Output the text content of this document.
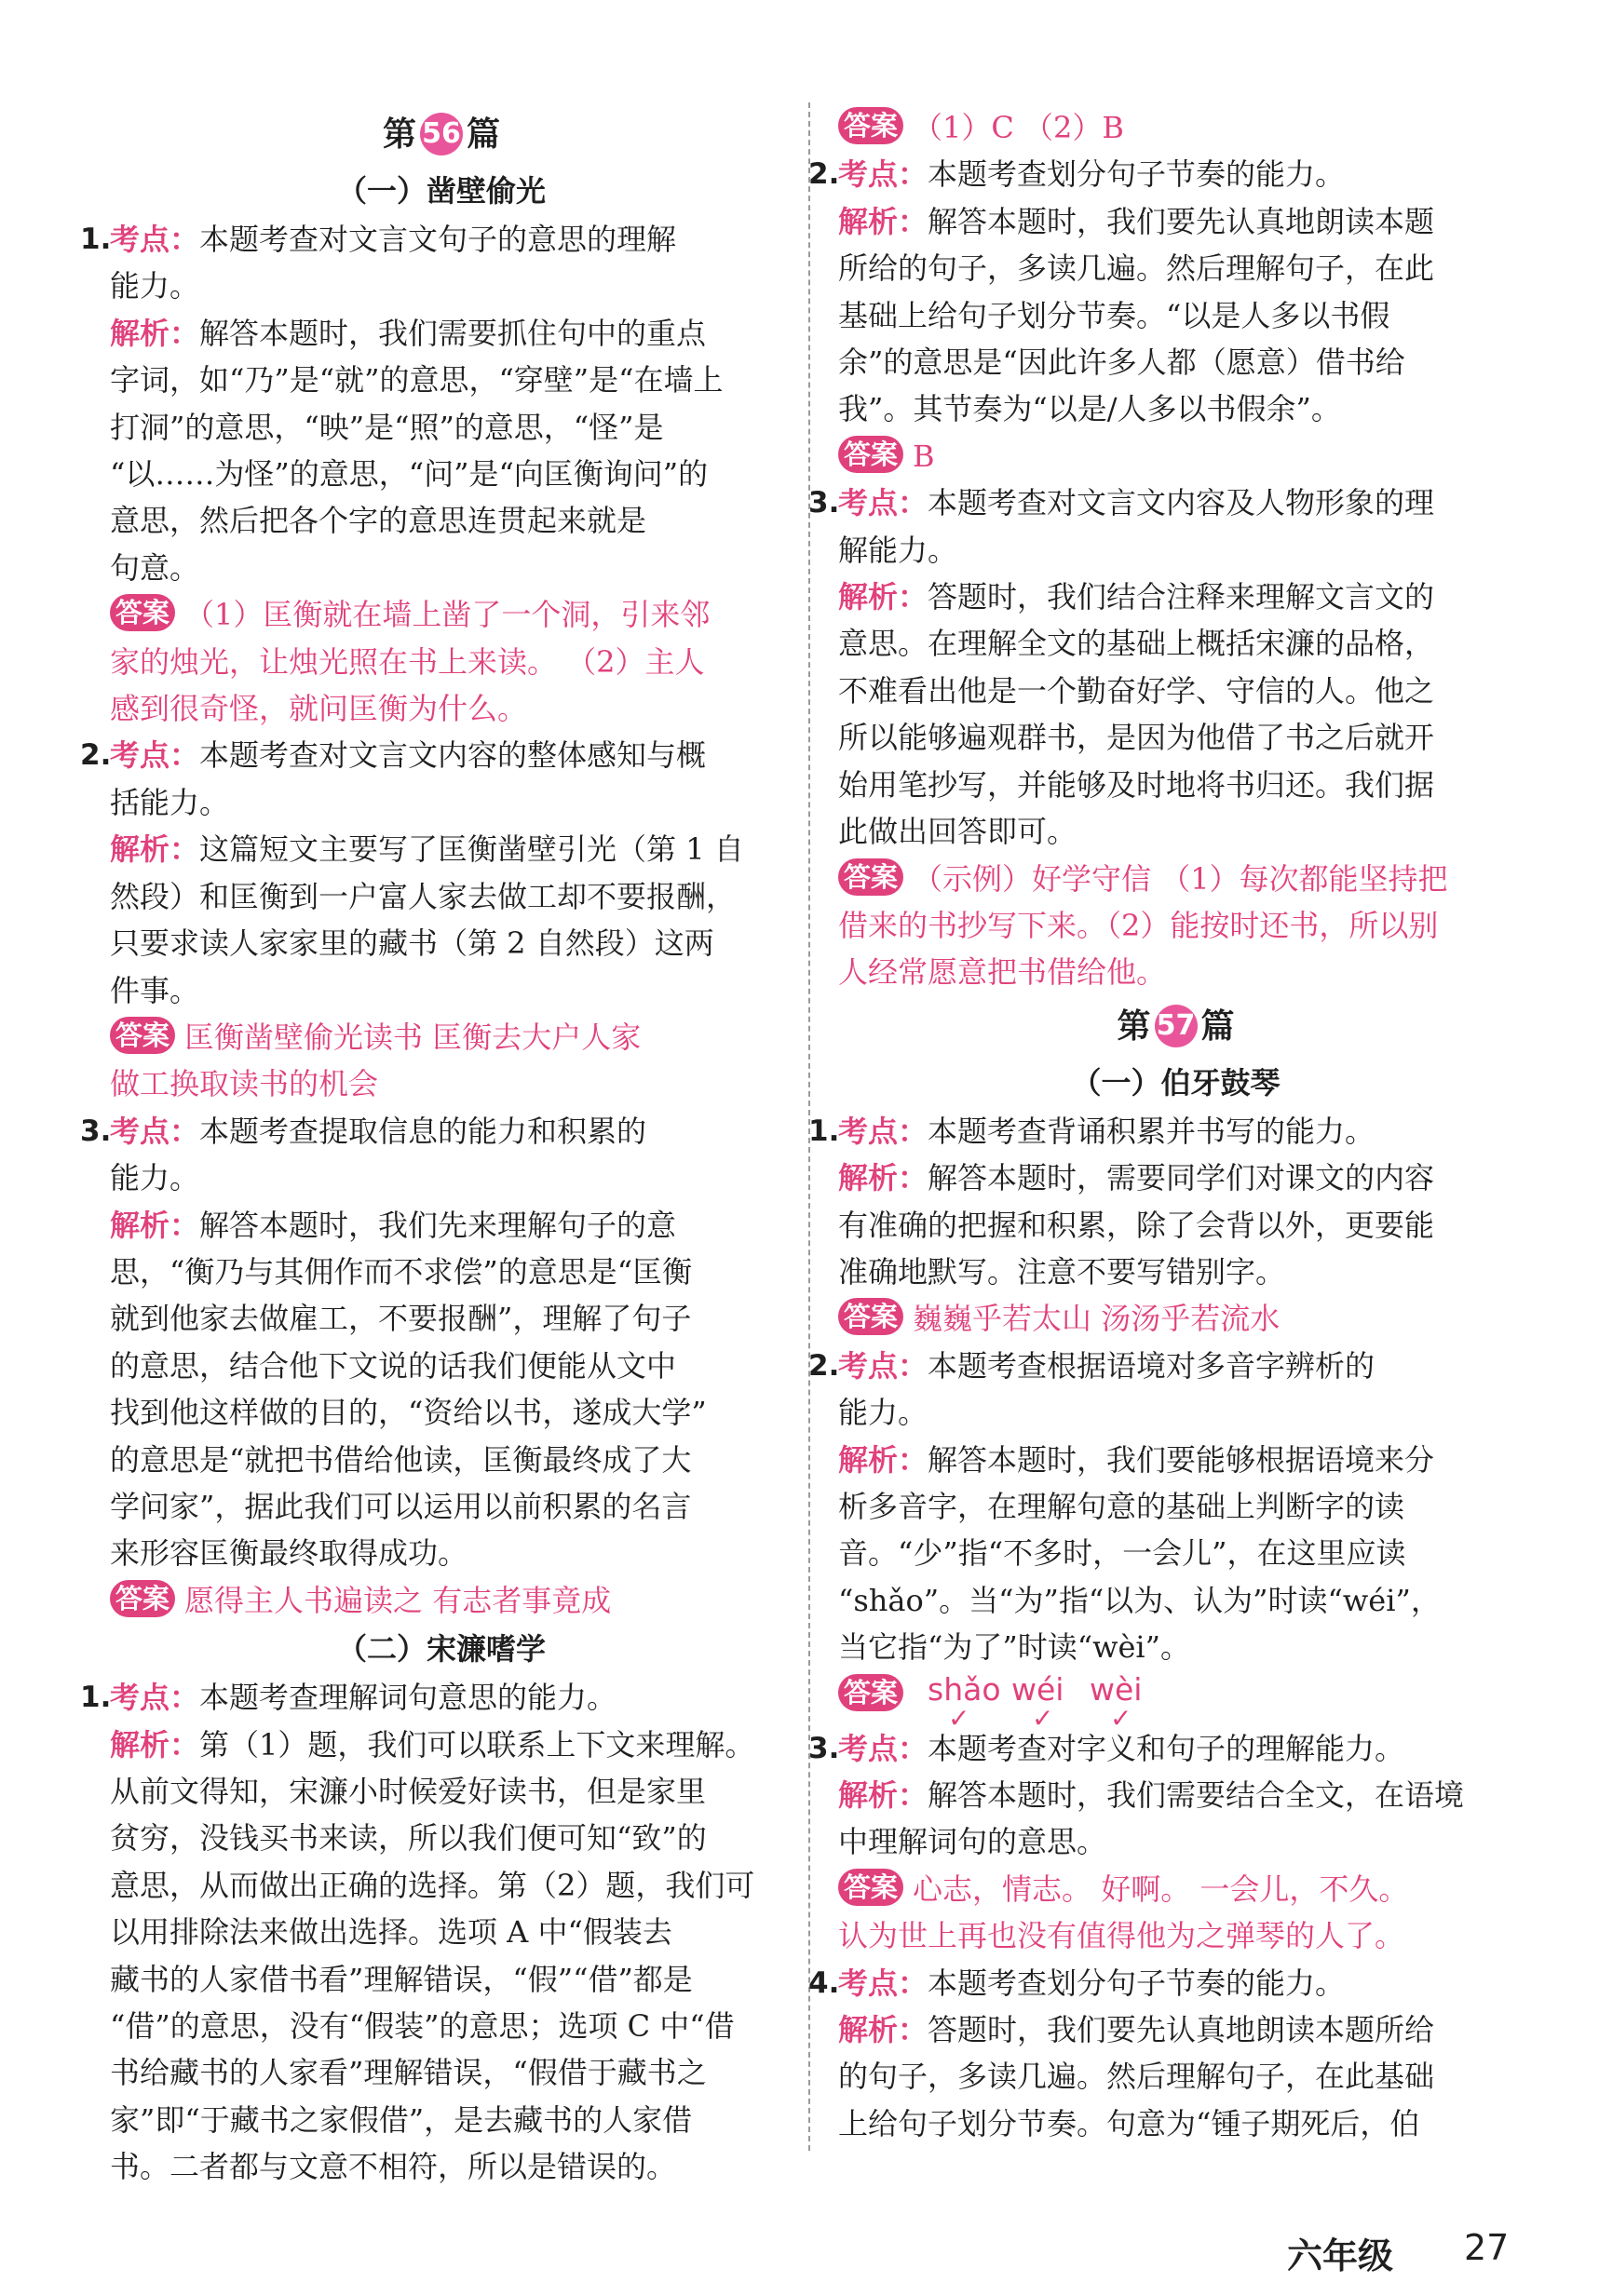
第 56 篇
（一）凿壁偷光
1.
考点：本题考查对文言文句子的意思的理解
能力。
解析：解答本题时，我们需要抓住句中的重点
字词，如“乃”是“就”的意思，“穿壁”是“在墙上
打洞”的意思，“映”是“照”的意思，“怪”是
“以……为怪”的意思，“问”是“向匡衡询问”的
意思，然后把各个字的意思连贯起来就是
句意。
答案 （1）匡衡就在墙上凿了一个洞，引来邻
家的烛光，让烛光照在书上来读。 （2）主人
感到很奇怪，就问匡衡为什么。
2.
考点：本题考查对文言文内容的整体感知与概
括能力。
解析：这篇短文主要写了匡衡凿壁引光（第 1 自
然段）和匡衡到一户富人家去做工却不要报酬，
只要求读人家家里的藏书（第 2 自然段）这两
件事。
答案 匡衡凿壁偷光读书 匡衡去大户人家
做工换取读书的机会
3.
考点：本题考查提取信息的能力和积累的
能力。
解析：解答本题时，我们先来理解句子的意
思，“衡乃与其佣作而不求偿”的意思是“匡衡
就到他家去做雇工，不要报酬”，理解了句子
的意思，结合他下文说的话我们便能从文中
找到他这样做的目的，“资给以书，遂成大学”
的意思是“就把书借给他读，匡衡最终成了大
学问家”，据此我们可以运用以前积累的名言
来形容匡衡最终取得成功。
答案 愿得主人书遍读之 有志者事竟成
（二）宋濂嗜学
1.
考点：本题考查理解词句意思的能力。
解析：第（1）题，我们可以联系上下文来理解。
从前文得知，宋濂小时候爱好读书，但是家里
贫穷，没钱买书来读，所以我们便可知“致”的
意思，从而做出正确的选择。第（2）题，我们可
以用排除法来做出选择。选项 A 中“假装去
藏书的人家借书看”理解错误，“假”“借”都是
“借”的意思，没有“假装”的意思；选项 C 中“借
书给藏书的人家看”理解错误，“假借于藏书之
家”即“于藏书之家假借”，是去藏书的人家借
书。二者都与文意不相符，所以是错误的。
答案 （1）C （2）B
2.
考点：本题考查划分句子节奏的能力。
解析：解答本题时，我们要先认真地朗读本题
所给的句子，多读几遍。然后理解句子，在此
基础上给句子划分节奏。“以是人多以书假
余”的意思是“因此许多人都（愿意）借书给
我”。其节奏为“以是/人多以书假余”。
答案 B
3.
考点：本题考查对文言文内容及人物形象的理
解能力。
解析：答题时，我们结合注释来理解文言文的
意思。在理解全文的基础上概括宋濂的品格，
不难看出他是一个勤奋好学、守信的人。他之
所以能够遍观群书，是因为他借了书之后就开
始用笔抄写，并能够及时地将书归还。我们据
此做出回答即可。
答案 （示例）好学守信 （1）每次都能坚持把
借来的书抄写下来。（2）能按时还书，所以别
人经常愿意把书借给他。
第 57 篇
（一）伯牙鼓琴
1.
考点：本题考查背诵积累并书写的能力。
解析：解答本题时，需要同学们对课文的内容
有准确的把握和积累，除了会背以外，更要能
准确地默写。注意不要写错别字。
答案 巍巍乎若太山 汤汤乎若流水
2.
考点：本题考查根据语境对多音字辨析的
能力。
解析：解答本题时，我们要能够根据语境来分
析多音字，在理解句意的基础上判断字的读
音。“少”指“不多时，一会儿”，在这里应读
“shǎo”。当“为”指“以为、认为”时读“wéi”，
当它指“为了”时读“wèi”。
答案 shǎo
✓
wéi
✓
wèi
✓
3.
考点：本题考查对字义和句子的理解能力。
解析：解答本题时，我们需要结合全文，在语境
中理解词句的意思。
答案 心志，情志。 好啊。 一会儿，不久。
认为世上再也没有值得他为之弹琴的人了。
4.
考点：本题考查划分句子节奏的能力。
解析：答题时，我们要先认真地朗读本题所给
的句子，多读几遍。然后理解句子，在此基础
上给句子划分节奏。句意为“锺子期死后，伯
六年级 27
